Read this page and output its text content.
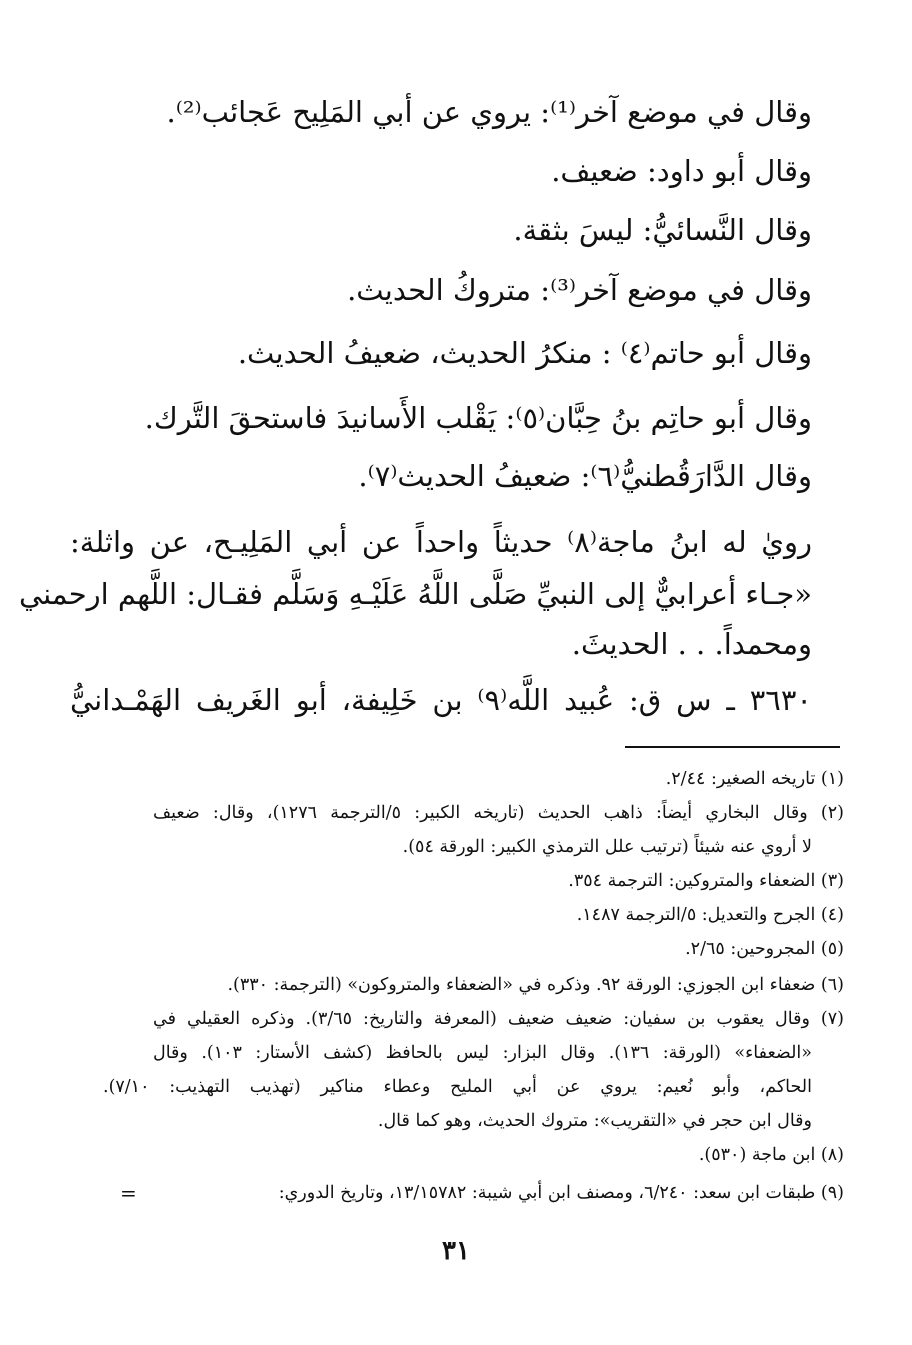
وقال في موضع آخر⁽¹⁾: يروي عن أبي المَلِيح عَجائب⁽²⁾.
وقال أبو داود: ضعيف.
وقال النَّسائيُّ: ليسَ بثقة.
وقال في موضع آخر⁽³⁾: متروكُ الحديث.
وقال أبو حاتم⁽٤⁾ : منكرُ الحديث، ضعيفُ الحديث.
وقال أبو حاتِم بنُ حِبَّان⁽٥⁾: يَقْلب الأَسانيدَ فاستحقَ التَّرك.
وقال الدَّارَقُطنيُّ⁽٦⁾: ضعيفُ الحديث⁽٧⁾.
رويٰ له ابنُ ماجة⁽٨⁾ حديثاً واحداً عن أبي المَلِيـح، عن واثلة:
«جـاء أعرابيٌّ إلى النبيِّ صَلَّى اللَّهُ عَلَيْـهِ وَسَلَّم فقـال: اللَّهم ارحمني
ومحمداً. . . الحديثَ.
٣٦٣٠ ـ س ق: عُبيد اللَّه⁽٩⁾ بن خَلِيفة، أبو الغَريف الهَمْـدانيُّ
(١) تاريخه الصغير: ٢/٤٤.
(٢) وقال البخاري أيضاً: ذاهب الحديث (تاريخه الكبير: ٥/الترجمة ١٢٧٦)، وقال: ضعيف
لا أروي عنه شيئاً (ترتيب علل الترمذي الكبير: الورقة ٥٤).
(٣) الضعفاء والمتروكين: الترجمة ٣٥٤.
(٤) الجرح والتعديل: ٥/الترجمة ١٤٨٧.
(٥) المجروحين: ٢/٦٥.
(٦) ضعفاء ابن الجوزي: الورقة ٩٢. وذكره في «الضعفاء والمتروكون» (الترجمة: ٣٣٠).
(٧) وقال يعقوب بن سفيان: ضعيف ضعيف (المعرفة والتاريخ: ٣/٦٥). وذكره العقيلي في
«الضعفاء» (الورقة: ١٣٦). وقال البزار: ليس بالحافظ (كشف الأستار: ١٠٣). وقال
الحاكم، وأبو نُعيم: يروي عن أبي المليح وعطاء مناكير (تهذيب التهذيب: ٧/١٠).
وقال ابن حجر في «التقريب»: متروك الحديث، وهو كما قال.
(٨) ابن ماجة (٥٣٠).
(٩) طبقات ابن سعد: ٦/٢٤٠، ومصنف ابن أبي شيبة: ١٣/١٥٧٨٢، وتاريخ الدوري:
=
٣١
